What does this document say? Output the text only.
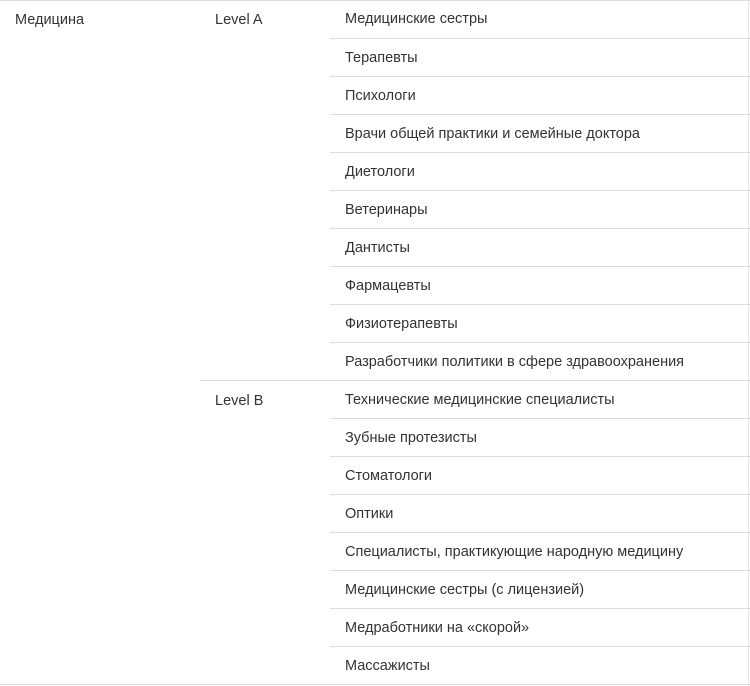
Медицина	Level A	Медицинские сестры
Терапевты
Психологи
Врачи общей практики и семейные доктора
Диетологи
Ветеринары
Дантисты
Фармацевты
Физиотерапевты
Разработчики политики в сфере здравоохранения
Level B	Технические медицинские специалисты
Зубные протезисты
Стоматологи
Оптики
Специалисты, практикующие народную медицину
Медицинские сестры (с лицензией)
Медработники на «скорой»
Массажисты
